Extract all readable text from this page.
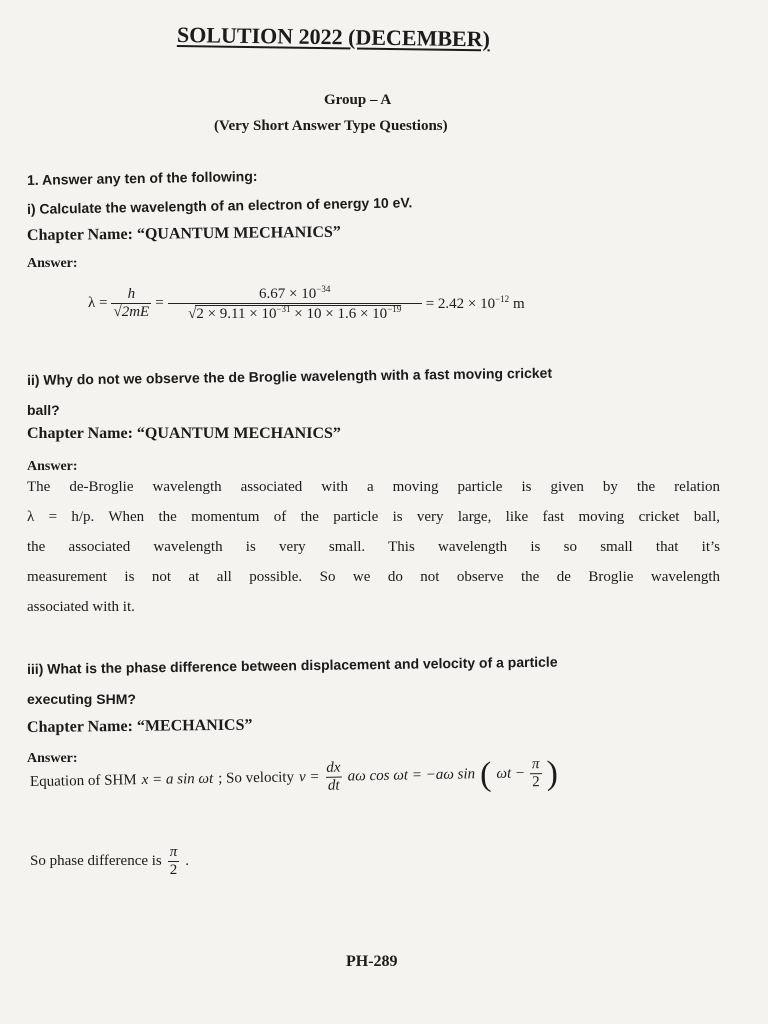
SOLUTION 2022 (DECEMBER)
Group – A
(Very Short Answer Type Questions)
1. Answer any ten of the following:
i) Calculate the wavelength of an electron of energy 10 eV.
Chapter Name: “QUANTUM MECHANICS”
Answer:
$\lambda = \frac{h}{√2mE} = \frac{6.67 \times 10^{-34}}{√2 \times 9.11 \times 10^{-31} \times 10 \times 1.6 \times 10^{-19}} = 2.42 \times 10^{-12}$ m
ii) Why do not we observe the de Broglie wavelength with a fast moving cricket
ball?
Chapter Name: “QUANTUM MECHANICS”
Answer:
The de-Broglie wavelength associated with a moving particle is given by the relation
λ = h/p. When the momentum of the particle is very large, like fast moving cricket ball,
the associated wavelength is very small. This wavelength is so small that it’s
measurement is not at all possible. So we do not observe the de Broglie wavelength
associated with it.
iii) What is the phase difference between displacement and velocity of a particle
executing SHM?
Chapter Name: “MECHANICS”
Answer:
Equation of SHM x = a sin ωt ; So velocity $v = \frac{dx}{dt}$ aω cos ωt = −aω sin ( $\omega t - \frac{\pi}{2}$ )
So phase difference is $\frac{\pi}{2}$ .
PH-289
